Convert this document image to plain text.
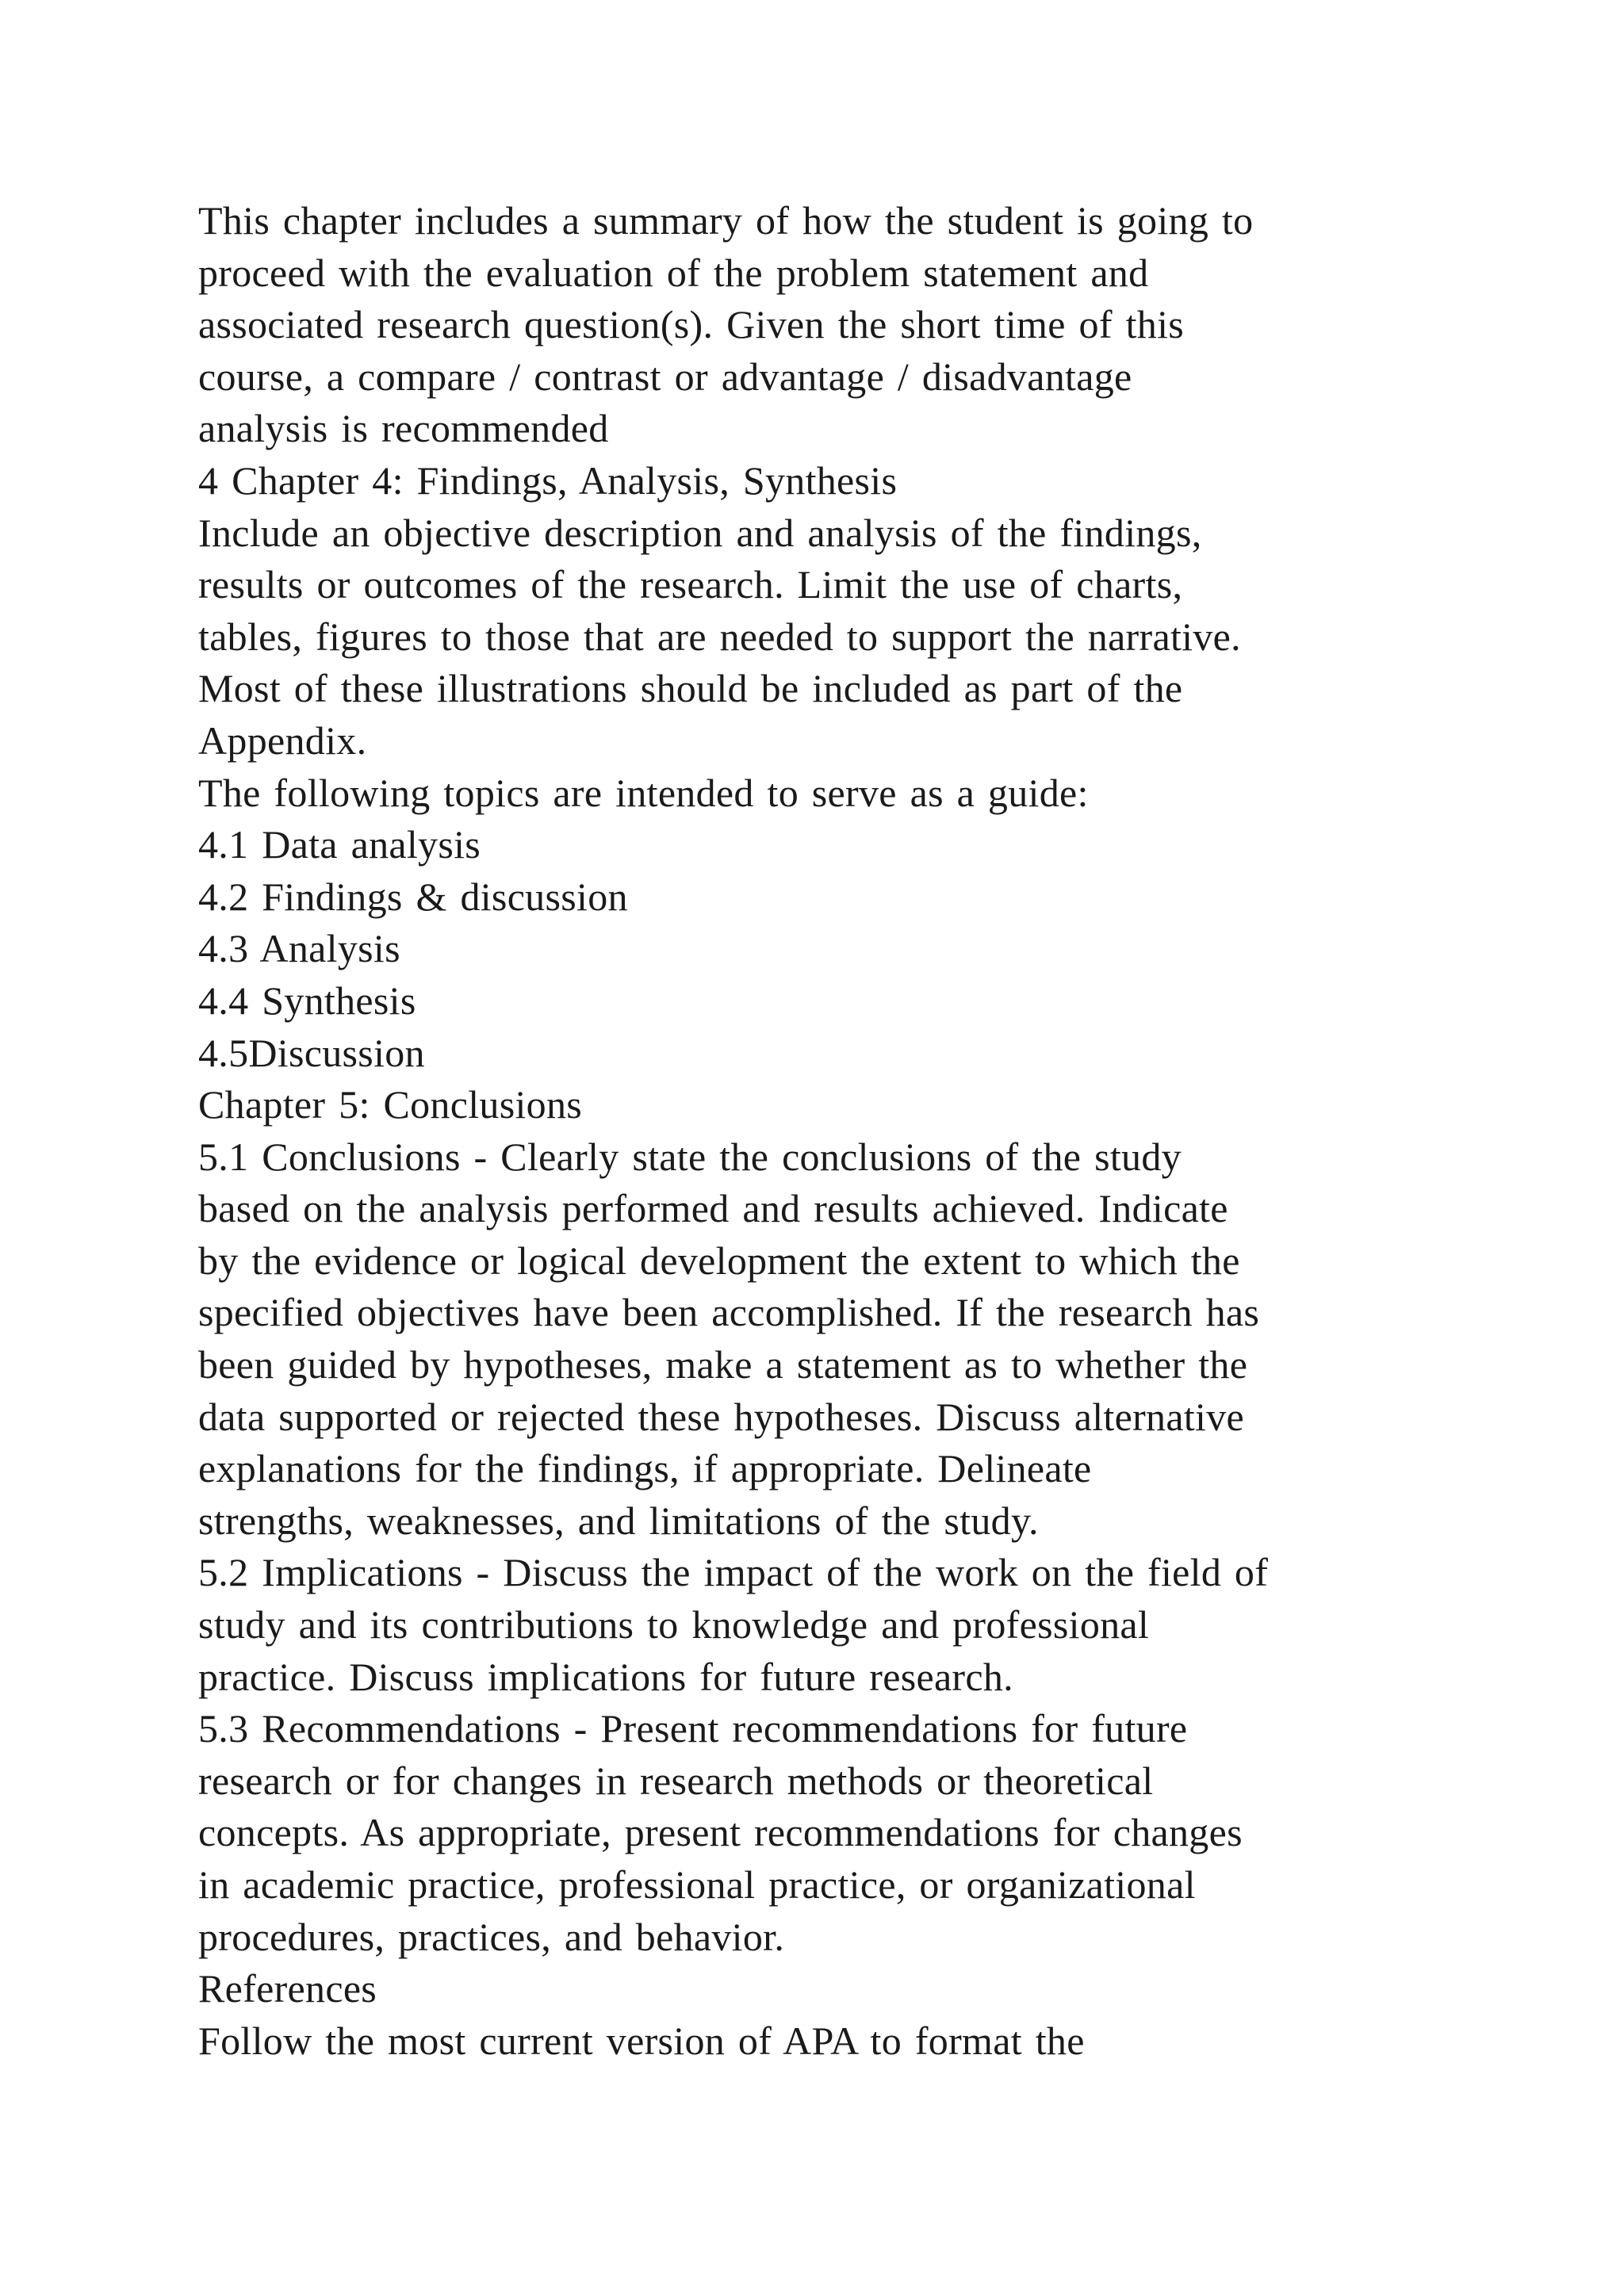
This chapter includes a summary of how the student is going to
proceed with the evaluation of the problem statement and
associated research question(s). Given the short time of this
course, a compare / contrast or advantage / disadvantage
analysis is recommended
4 Chapter 4: Findings, Analysis, Synthesis
Include an objective description and analysis of the findings,
results or outcomes of the research. Limit the use of charts,
tables, figures to those that are needed to support the narrative.
Most of these illustrations should be included as part of the
Appendix.
The following topics are intended to serve as a guide:
4.1 Data analysis
4.2 Findings & discussion
4.3 Analysis
4.4 Synthesis
4.5Discussion
Chapter 5: Conclusions
5.1 Conclusions - Clearly state the conclusions of the study
based on the analysis performed and results achieved. Indicate
by the evidence or logical development the extent to which the
specified objectives have been accomplished. If the research has
been guided by hypotheses, make a statement as to whether the
data supported or rejected these hypotheses. Discuss alternative
explanations for the findings, if appropriate. Delineate
strengths, weaknesses, and limitations of the study.
5.2 Implications - Discuss the impact of the work on the field of
study and its contributions to knowledge and professional
practice. Discuss implications for future research.
5.3 Recommendations - Present recommendations for future
research or for changes in research methods or theoretical
concepts. As appropriate, present recommendations for changes
in academic practice, professional practice, or organizational
procedures, practices, and behavior.
References
Follow the most current version of APA to format the
